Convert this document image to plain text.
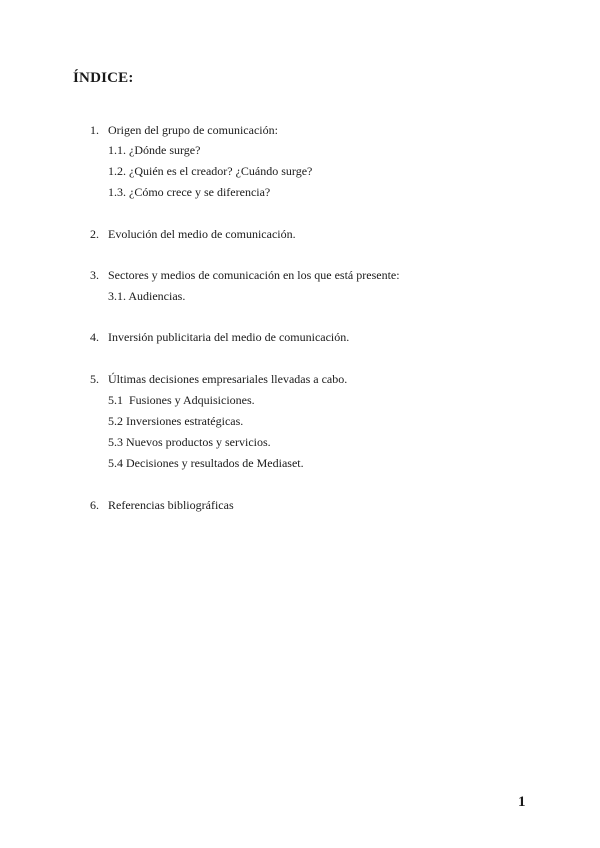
ÍNDICE:
1. Origen del grupo de comunicación:
1.1. ¿Dónde surge?
1.2. ¿Quién es el creador? ¿Cuándo surge?
1.3. ¿Cómo crece y se diferencia?
2. Evolución del medio de comunicación.
3. Sectores y medios de comunicación en los que está presente:
3.1. Audiencias.
4. Inversión publicitaria del medio de comunicación.
5. Últimas decisiones empresariales llevadas a cabo.
5.1  Fusiones y Adquisiciones.
5.2 Inversiones estratégicas.
5.3 Nuevos productos y servicios.
5.4 Decisiones y resultados de Mediaset.
6. Referencias bibliográficas
1
